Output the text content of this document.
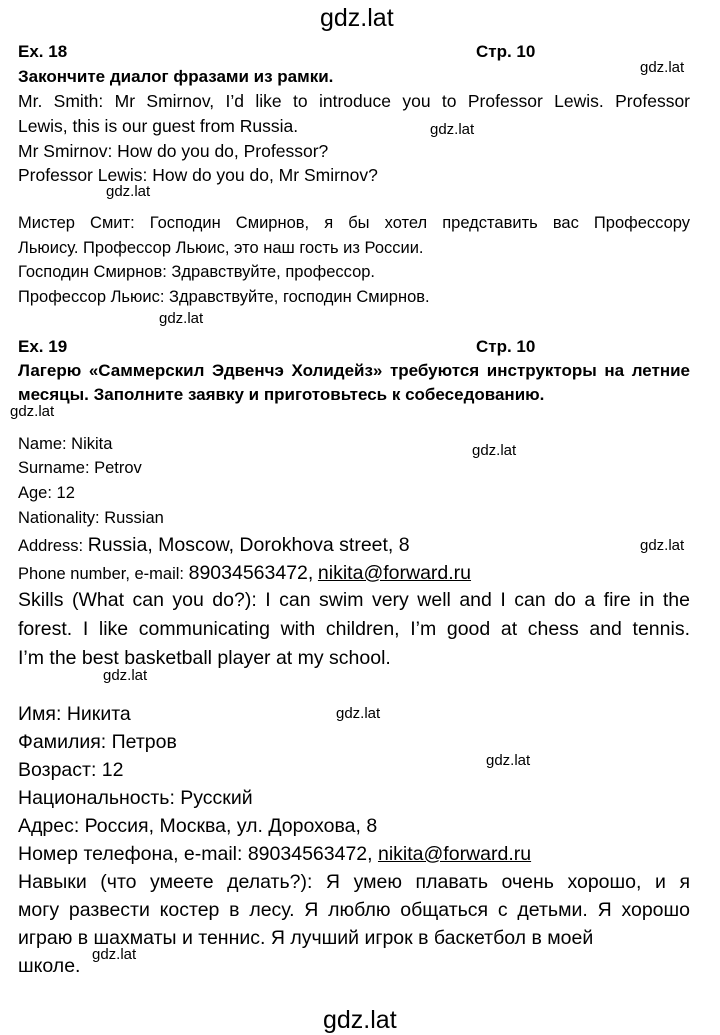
gdz.lat
Ex. 18	Стр. 10
gdz.lat
Закончите диалог фразами из рамки.
Mr. Smith: Mr Smirnov, I’d like to introduce you to Professor Lewis. Professor
Lewis, this is our guest from Russia.	gdz.lat
Mr Smirnov: How do you do, Professor?
Professor Lewis: How do you do, Mr Smirnov?
gdz.lat
Мистер Смит: Господин Смирнов, я бы хотел представить вас Профессору
Льюису. Профессор Льюис, это наш гость из России.
Господин Смирнов: Здравствуйте, профессор.
Профессор Льюис: Здравствуйте, господин Смирнов.
gdz.lat
Ex. 19	Стр. 10
Лагерю «Саммерскил Эдвенчэ Холидейз» требуются инструкторы на летние
месяцы. Заполните заявку и приготовьтесь к собеседованию.
gdz.lat
Name: Nikita	gdz.lat
Surname: Petrov
Age: 12
Nationality: Russian
Address: Russia, Moscow, Dorokhova street, 8	gdz.lat
Phone number, e-mail: 89034563472, nikita@forward.ru
Skills (What can you do?): I can swim very well and I can do a fire in the
forest. I like communicating with children, I’m good at chess and tennis.
I’m the best basketball player at my school.
gdz.lat
Имя: Никита	gdz.lat
Фамилия: Петров
gdz.lat
Возраст: 12
Национальность: Русский
Адрес: Россия, Москва, ул. Дорохова, 8
Номер телефона, e-mail: 89034563472, nikita@forward.ru
Навыки (что умеете делать?): Я умею плавать очень хорошо, и я
могу развести костер в лесу. Я люблю общаться с детьми. Я хорошо
играю в шахматы и теннис. Я лучший игрок в баскетбол в моей
школе.
gdz.lat
gdz.lat
